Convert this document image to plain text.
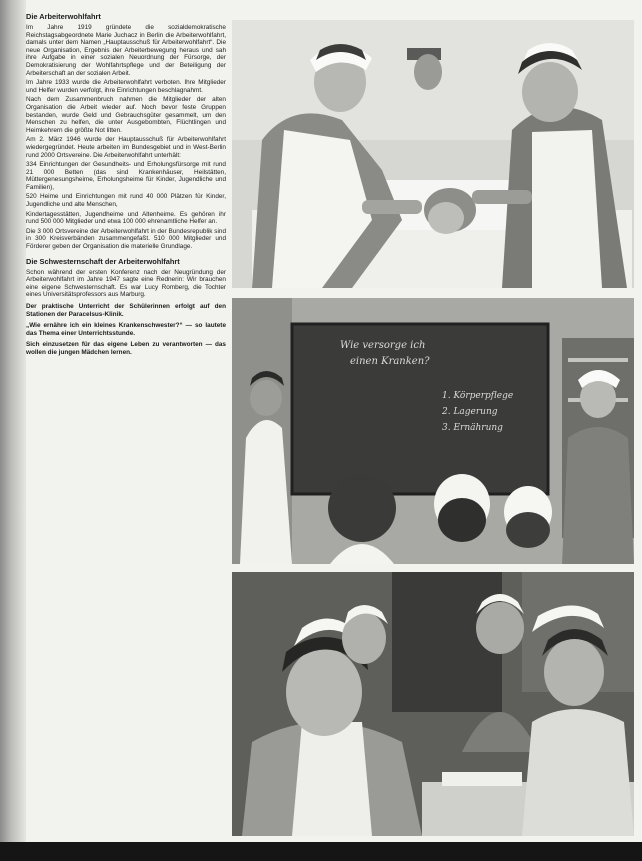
Die Arbeiterwohlfahrt

Im Jahre 1919 gründete die sozialdemokratische Reichstagsabgeordnete Marie Juchacz in Berlin die Arbeiterwohlfahrt, damals unter dem Namen „Hauptausschuß für Arbeiterwohlfahrt“. Die neue Organisation, Ergebnis der Arbeiterbewegung heraus und sah ihre Aufgabe in einer sozialen Neuordnung der Fürsorge, der Demokratisierung der Wohlfahrtspflege und der Beteiligung der Arbeiterschaft an der sozialen Arbeit.

Im Jahre 1933 wurde die Arbeiterwohlfahrt verboten. Ihre Mitglieder und Helfer wurden verfolgt, ihre Einrichtungen beschlagnahmt.

Nach dem Zusammenbruch nahmen die Mitglieder der alten Organisation die Arbeit wieder auf. Noch bevor feste Gruppen bestanden, wurde Geld und Gebrauchsgüter gesammelt, um den Menschen zu helfen, die unter Ausgebombten, Flüchtlingen und Heimkehrern die größte Not litten.

Am 2. März 1946 wurde der Hauptausschuß für Arbeiterwohlfahrt wiedergegründet. Heute arbeiten im Bundesgebiet und in West-Berlin rund 2000 Ortsvereine. Die Arbeiterwohlfahrt unterhält:

334 Einrichtungen der Gesundheits- und Erholungsfürsorge mit rund 21 000 Betten (das sind Krankenhäuser, Heilstätten, Müttergenesungsheime, Erholungsheime für Kinder, Jugendliche und Familien),

520 Heime und Einrichtungen mit rund 40 000 Plätzen für Kinder, Jugendliche und alte Menschen,

Kindertagesstätten, Jugendheime und Altenheime. Es gehören ihr rund 500 000 Mitglieder und etwa 100 000 ehrenamtliche Helfer an.

Die 3 000 Ortsvereine der Arbeiterwohlfahrt in der Bundesrepublik sind in 300 Kreisverbänden zusammengefaßt. 510 000 Mitglieder und Förderer geben der Organisation die materielle Grundlage.

Die Schwesternschaft der Arbeiterwohlfahrt

Schon während der ersten Konferenz nach der Neugründung der Arbeiterwohlfahrt im Jahre 1947 sagte eine Rednerin: Wir brauchen eine eigene Schwesternschaft. Es war Lucy Romberg, die Tochter eines Universitätsprofessors aus Marburg.

Der praktische Unterricht der Schülerinnen erfolgt auf den Stationen der Paracelsus-Klinik.

„Wie ernähre ich ein kleines Krankenschwester?“ — so lautete das Thema einer Unterrichtsstunde.

Sich einzusetzen für das eigene Leben zu verantworten — das wollen die jungen Mädchen lernen.

Wie versorge ich
einen Kranken?
1. Körperpflege
2. Lagerung
3. Ernährung
